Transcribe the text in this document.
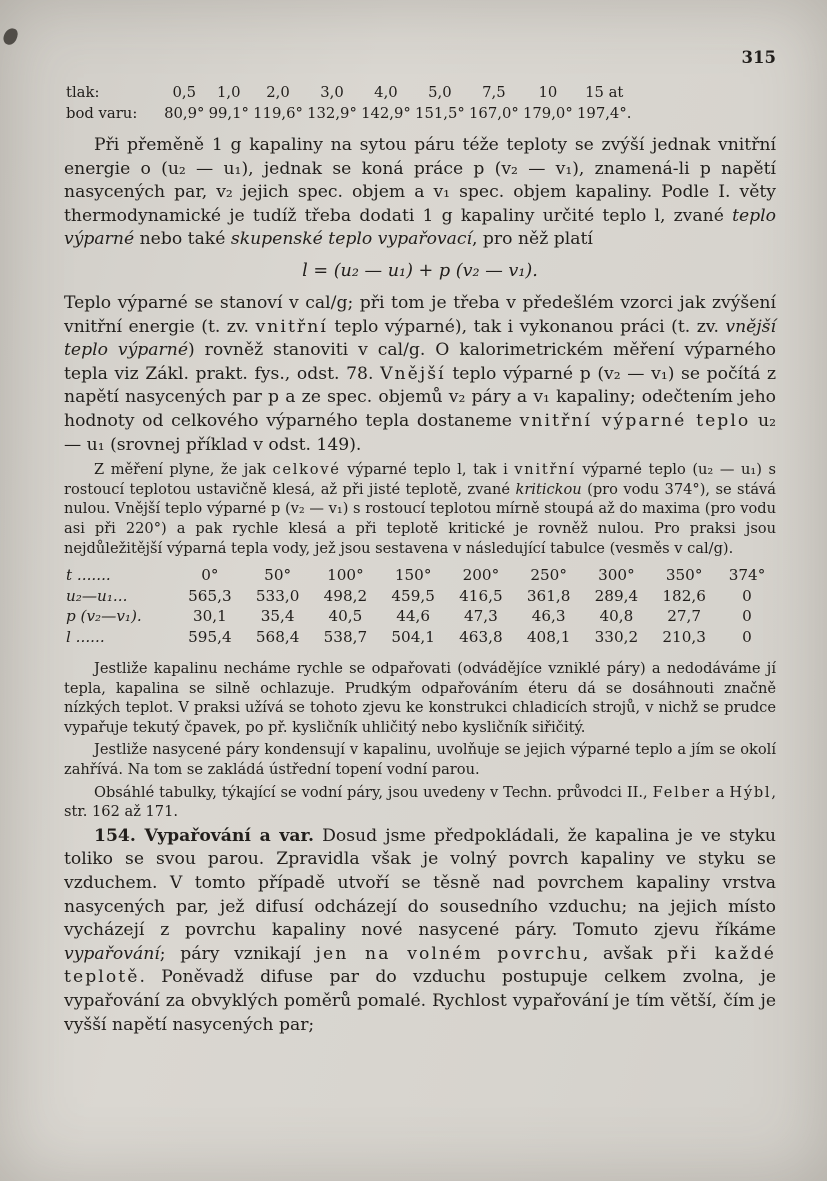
315
tlak:	0,5	1,0	2,0	3,0	4,0	5,0	7,5	10	15 at
bod varu:	80,9°	99,1°	119,6°	132,9°	142,9°	151,5°	167,0°	179,0°	197,4°.

Při přeměně 1 g kapaliny na sytou páru téže teploty se zvýší jednak vnitřní energie o (u₂ — u₁), jednak se koná práce p (v₂ — v₁), znamená-li p napětí nasycených par, v₂ jejich spec. objem a v₁ spec. objem kapaliny. Podle I. věty thermodynamické je tudíž třeba dodati 1 g kapaliny určité teplo l, zvané teplo výparné nebo také skupenské teplo vypařovací, pro něž platí

l = (u₂ — u₁) + p (v₂ — v₁).

Teplo výparné se stanoví v cal/g; při tom je třeba v předešlém vzorci jak zvýšení vnitřní energie (t. zv. vnitřní teplo výparné), tak i vykonanou práci (t. zv. vnější teplo výparné) rovněž stanoviti v cal/g. O kalorimetrickém měření výparného tepla viz Zákl. prakt. fys., odst. 78. Vnější teplo výparné p (v₂ — v₁) se počítá z napětí nasycených par p a ze spec. objemů v₂ páry a v₁ kapaliny; odečtením jeho hodnoty od celkového výparného tepla dostaneme vnitřní výparné teplo u₂ — u₁ (srovnej příklad v odst. 149).

Z měření plyne, že jak celkové výparné teplo l, tak i vnitřní výparné teplo (u₂ — u₁) s rostoucí teplotou ustavičně klesá, až při jisté teplotě, zvané kritickou (pro vodu 374°), se stává nulou. Vnější teplo výparné p (v₂ — v₁) s rostoucí teplotou mírně stoupá až do maxima (pro vodu asi při 220°) a pak rychle klesá a při teplotě kritické je rovněž nulou. Pro praksi jsou nejdůležitější výparná tepla vody, jež jsou sestavena v následující tabulce (vesměs v cal/g).

t .......	0°	50°	100°	150°	200°	250°	300°	350°	374°
u₂—u₁...	565,3	533,0	498,2	459,5	416,5	361,8	289,4	182,6	0
p (v₂—v₁).	30,1	35,4	40,5	44,6	47,3	46,3	40,8	27,7	0
l ......	595,4	568,4	538,7	504,1	463,8	408,1	330,2	210,3	0

Jestliže kapalinu necháme rychle se odpařovati (odvádějíce vzniklé páry) a nedodáváme jí tepla, kapalina se silně ochlazuje. Prudkým odpařováním éteru dá se dosáhnouti značně nízkých teplot. V praksi užívá se tohoto zjevu ke konstrukci chladicích strojů, v nichž se prudce vypařuje tekutý čpavek, po př. kysličník uhličitý nebo kysličník siřičitý.

Jestliže nasycené páry kondensují v kapalinu, uvolňuje se jejich výparné teplo a jím se okolí zahřívá. Na tom se zakládá ústřední topení vodní parou.

Obsáhlé tabulky, týkající se vodní páry, jsou uvedeny v Techn. průvodci II., Felber a Hýbl, str. 162 až 171.

154. Vypařování a var. Dosud jsme předpokládali, že kapalina je ve styku toliko se svou parou. Zpravidla však je volný povrch kapaliny ve styku se vzduchem. V tomto případě utvoří se těsně nad povrchem kapaliny vrstva nasycených par, jež difusí odcházejí do sousedního vzduchu; na jejich místo vycházejí z povrchu kapaliny nové nasycené páry. Tomuto zjevu říkáme vypařování; páry vznikají jen na volném povrchu, avšak při každé teplotě. Poněvadž difuse par do vzduchu postupuje celkem zvolna, je vypařování za obvyklých poměrů pomalé. Rychlost vypařování je tím větší, čím je vyšší napětí nasycených par;
